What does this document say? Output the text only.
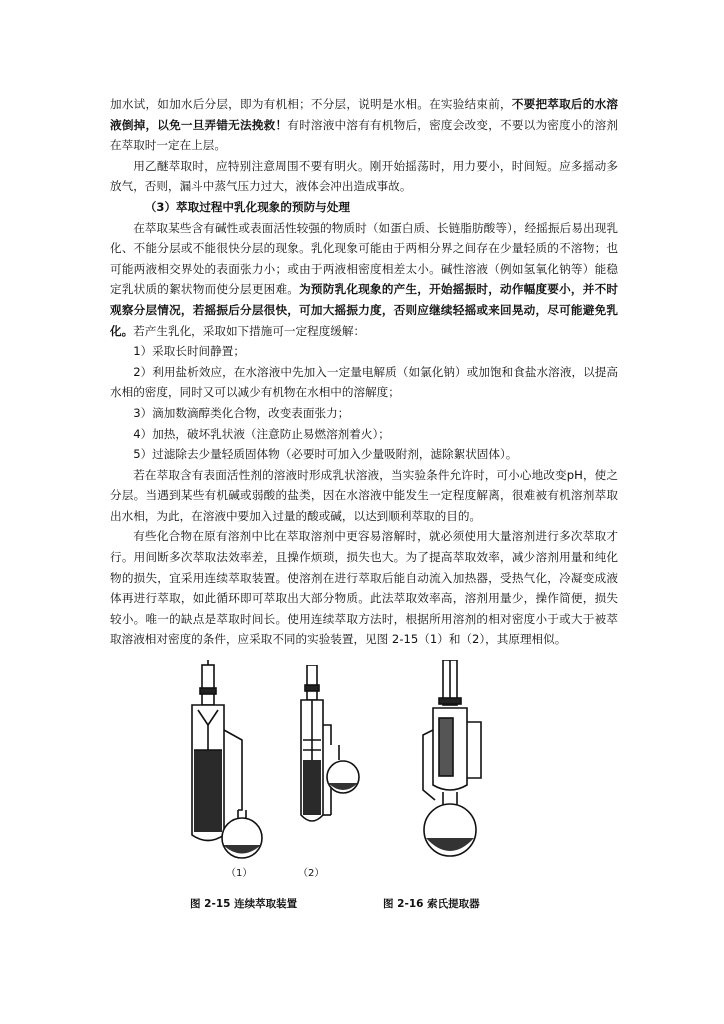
加水试，如加水后分层，即为有机相；不分层，说明是水相。在实验结束前，不要把萃取后的水溶液倒掉，以免一旦弄错无法挽救！有时溶液中溶有有机物后，密度会改变，不要以为密度小的溶剂在萃取时一定在上层。

用乙醚萃取时，应特别注意周围不要有明火。刚开始摇荡时，用力要小，时间短。应多摇动多放气，否则，漏斗中蒸气压力过大，液体会冲出造成事故。

（3）萃取过程中乳化现象的预防与处理

在萃取某些含有碱性或表面活性较强的物质时（如蛋白质、长链脂肪酸等），经摇振后易出现乳化、不能分层或不能很快分层的现象。乳化现象可能由于两相分界之间存在少量轻质的不溶物；也可能两液相交界处的表面张力小；或由于两液相密度相差太小。碱性溶液（例如氢氧化钠等）能稳定乳状质的絮状物而使分层更困难。为预防乳化现象的产生，开始摇振时，动作幅度要小，并不时观察分层情况，若摇振后分层很快，可加大摇振力度，否则应继续轻摇或来回晃动，尽可能避免乳化。若产生乳化，采取如下措施可一定程度缓解：

1）采取长时间静置；

2）利用盐析效应，在水溶液中先加入一定量电解质（如氯化钠）或加饱和食盐水溶液，以提高水相的密度，同时又可以减少有机物在水相中的溶解度；

3）滴加数滴醇类化合物，改变表面张力；

4）加热，破坏乳状液（注意防止易燃溶剂着火）；

5）过滤除去少量轻质固体物（必要时可加入少量吸附剂，滤除絮状固体）。

若在萃取含有表面活性剂的溶液时形成乳状溶液，当实验条件允许时，可小心地改变pH，使之分层。当遇到某些有机碱或弱酸的盐类，因在水溶液中能发生一定程度解离，很难被有机溶剂萃取出水相，为此，在溶液中要加入过量的酸或碱，以达到顺利萃取的目的。

有些化合物在原有溶剂中比在萃取溶剂中更容易溶解时，就必须使用大量溶剂进行多次萃取才行。用间断多次萃取法效率差，且操作烦琐，损失也大。为了提高萃取效率，减少溶剂用量和纯化物的损失，宜采用连续萃取装置。使溶剂在进行萃取后能自动流入加热器，受热气化，冷凝变成液体再进行萃取，如此循环即可萃取出大部分物质。此法萃取效率高，溶剂用量少，操作简便，损失较小。唯一的缺点是萃取时间长。使用连续萃取方法时，根据所用溶剂的相对密度小于或大于被萃取溶液相对密度的条件，应采取不同的实验装置，见图 2-15（1）和（2），其原理相似。

（1）	（2）
图 2-15 连续萃取装置	图 2-16 索氏提取器
